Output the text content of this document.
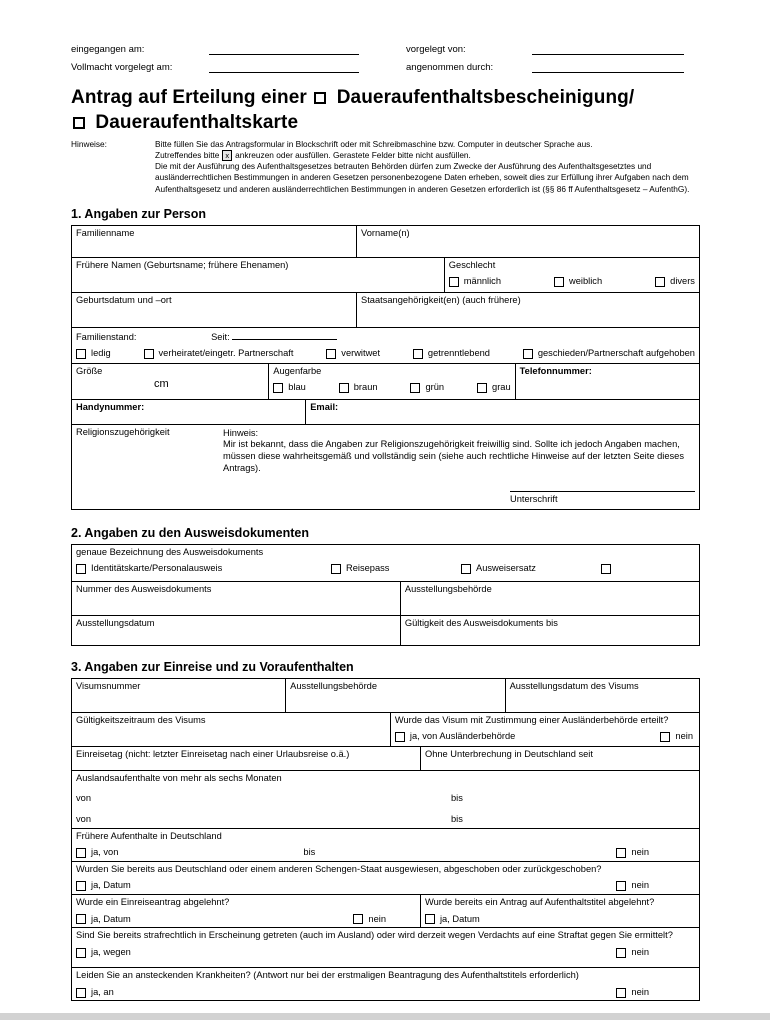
eingegangen am:	vorgelegt von:
Vollmacht vorgelegt am:	angenommen durch:
Antrag auf Erteilung einer Daueraufenthaltsbescheinigung/
Daueraufenthaltskarte
Hinweise:	Bitte füllen Sie das Antragsformular in Blockschrift oder mit Schreibmaschine bzw. Computer in deutscher Sprache aus.
Zutreffendes bitte x ankreuzen oder ausfüllen. Gerastete Felder bitte nicht ausfüllen.
Die mit der Ausführung des Aufenthaltsgesetzes betrauten Behörden dürfen zum Zwecke der Ausführung des Aufenthaltsgesetztes und ausländerrechtlichen Bestimmungen in anderen Gesetzen personenbezogene Daten erheben, soweit dies zur Erfüllung ihrer Aufgaben nach dem Aufenthaltsgesetz und anderen ausländerrechtlichen Bestimmungen in anderen Gesetzen erforderlich ist (§§ 86 ff Aufenthaltsgesetz – AufenthG).
1. Angaben zur Person
Familienname	Vorname(n)
Frühere Namen (Geburtsname; frühere Ehenamen)	Geschlecht
männlich	weiblich	divers
Geburtsdatum und –ort	Staatsangehörigkeit(en) (auch frühere)
Familienstand:	Seit:
ledig	verheiratet/eingetr. Partnerschaft	verwitwet	getrenntlebend	geschieden/Partnerschaft aufgehoben
Größe
cm
Augenfarbe
blau	braun	grün	grau
Telefonnummer:
Handynummer:	Email:
Religionszugehörigkeit	Hinweis:
Mir ist bekannt, dass die Angaben zur Religionszugehörigkeit freiwillig sind. Sollte ich jedoch Angaben machen, müssen diese wahrheitsgemäß und vollständig sein (siehe auch rechtliche Hinweise auf der letzten Seite dieses Antrags).
Unterschrift
2. Angaben zu den Ausweisdokumenten
genaue Bezeichnung des Ausweisdokuments
Identitätskarte/Personalausweis	Reisepass	Ausweisersatz
Nummer des Ausweisdokuments	Ausstellungsbehörde
Ausstellungsdatum	Gültigkeit des Ausweisdokuments bis
3. Angaben zur Einreise und zu Voraufenthalten
Visumsnummer	Ausstellungsbehörde	Ausstellungsdatum des Visums
Gültigkeitszeitraum des Visums	Wurde das Visum mit Zustimmung einer Ausländerbehörde erteilt?
ja, von Ausländerbehörde	nein
Einreisetag (nicht: letzter Einreisetag nach einer Urlaubsreise o.ä.)	Ohne Unterbrechung in Deutschland seit
Auslandsaufenthalte von mehr als sechs Monaten
von	bis
von	bis
Frühere Aufenthalte in Deutschland
ja, von	bis	nein
Wurden Sie bereits aus Deutschland oder einem anderen Schengen-Staat ausgewiesen, abgeschoben oder zurückgeschoben?
ja, Datum	nein
Wurde ein Einreiseantrag abgelehnt?
ja, Datum	nein
Wurde bereits ein Antrag auf Aufenthaltstitel abgelehnt?
ja, Datum
Sind Sie bereits strafrechtlich in Erscheinung getreten (auch im Ausland) oder wird derzeit wegen Verdachts auf eine Straftat gegen Sie ermittelt?
ja, wegen	nein
Leiden Sie an ansteckenden Krankheiten? (Antwort nur bei der erstmaligen Beantragung des Aufenthaltstitels erforderlich)
ja, an	nein
